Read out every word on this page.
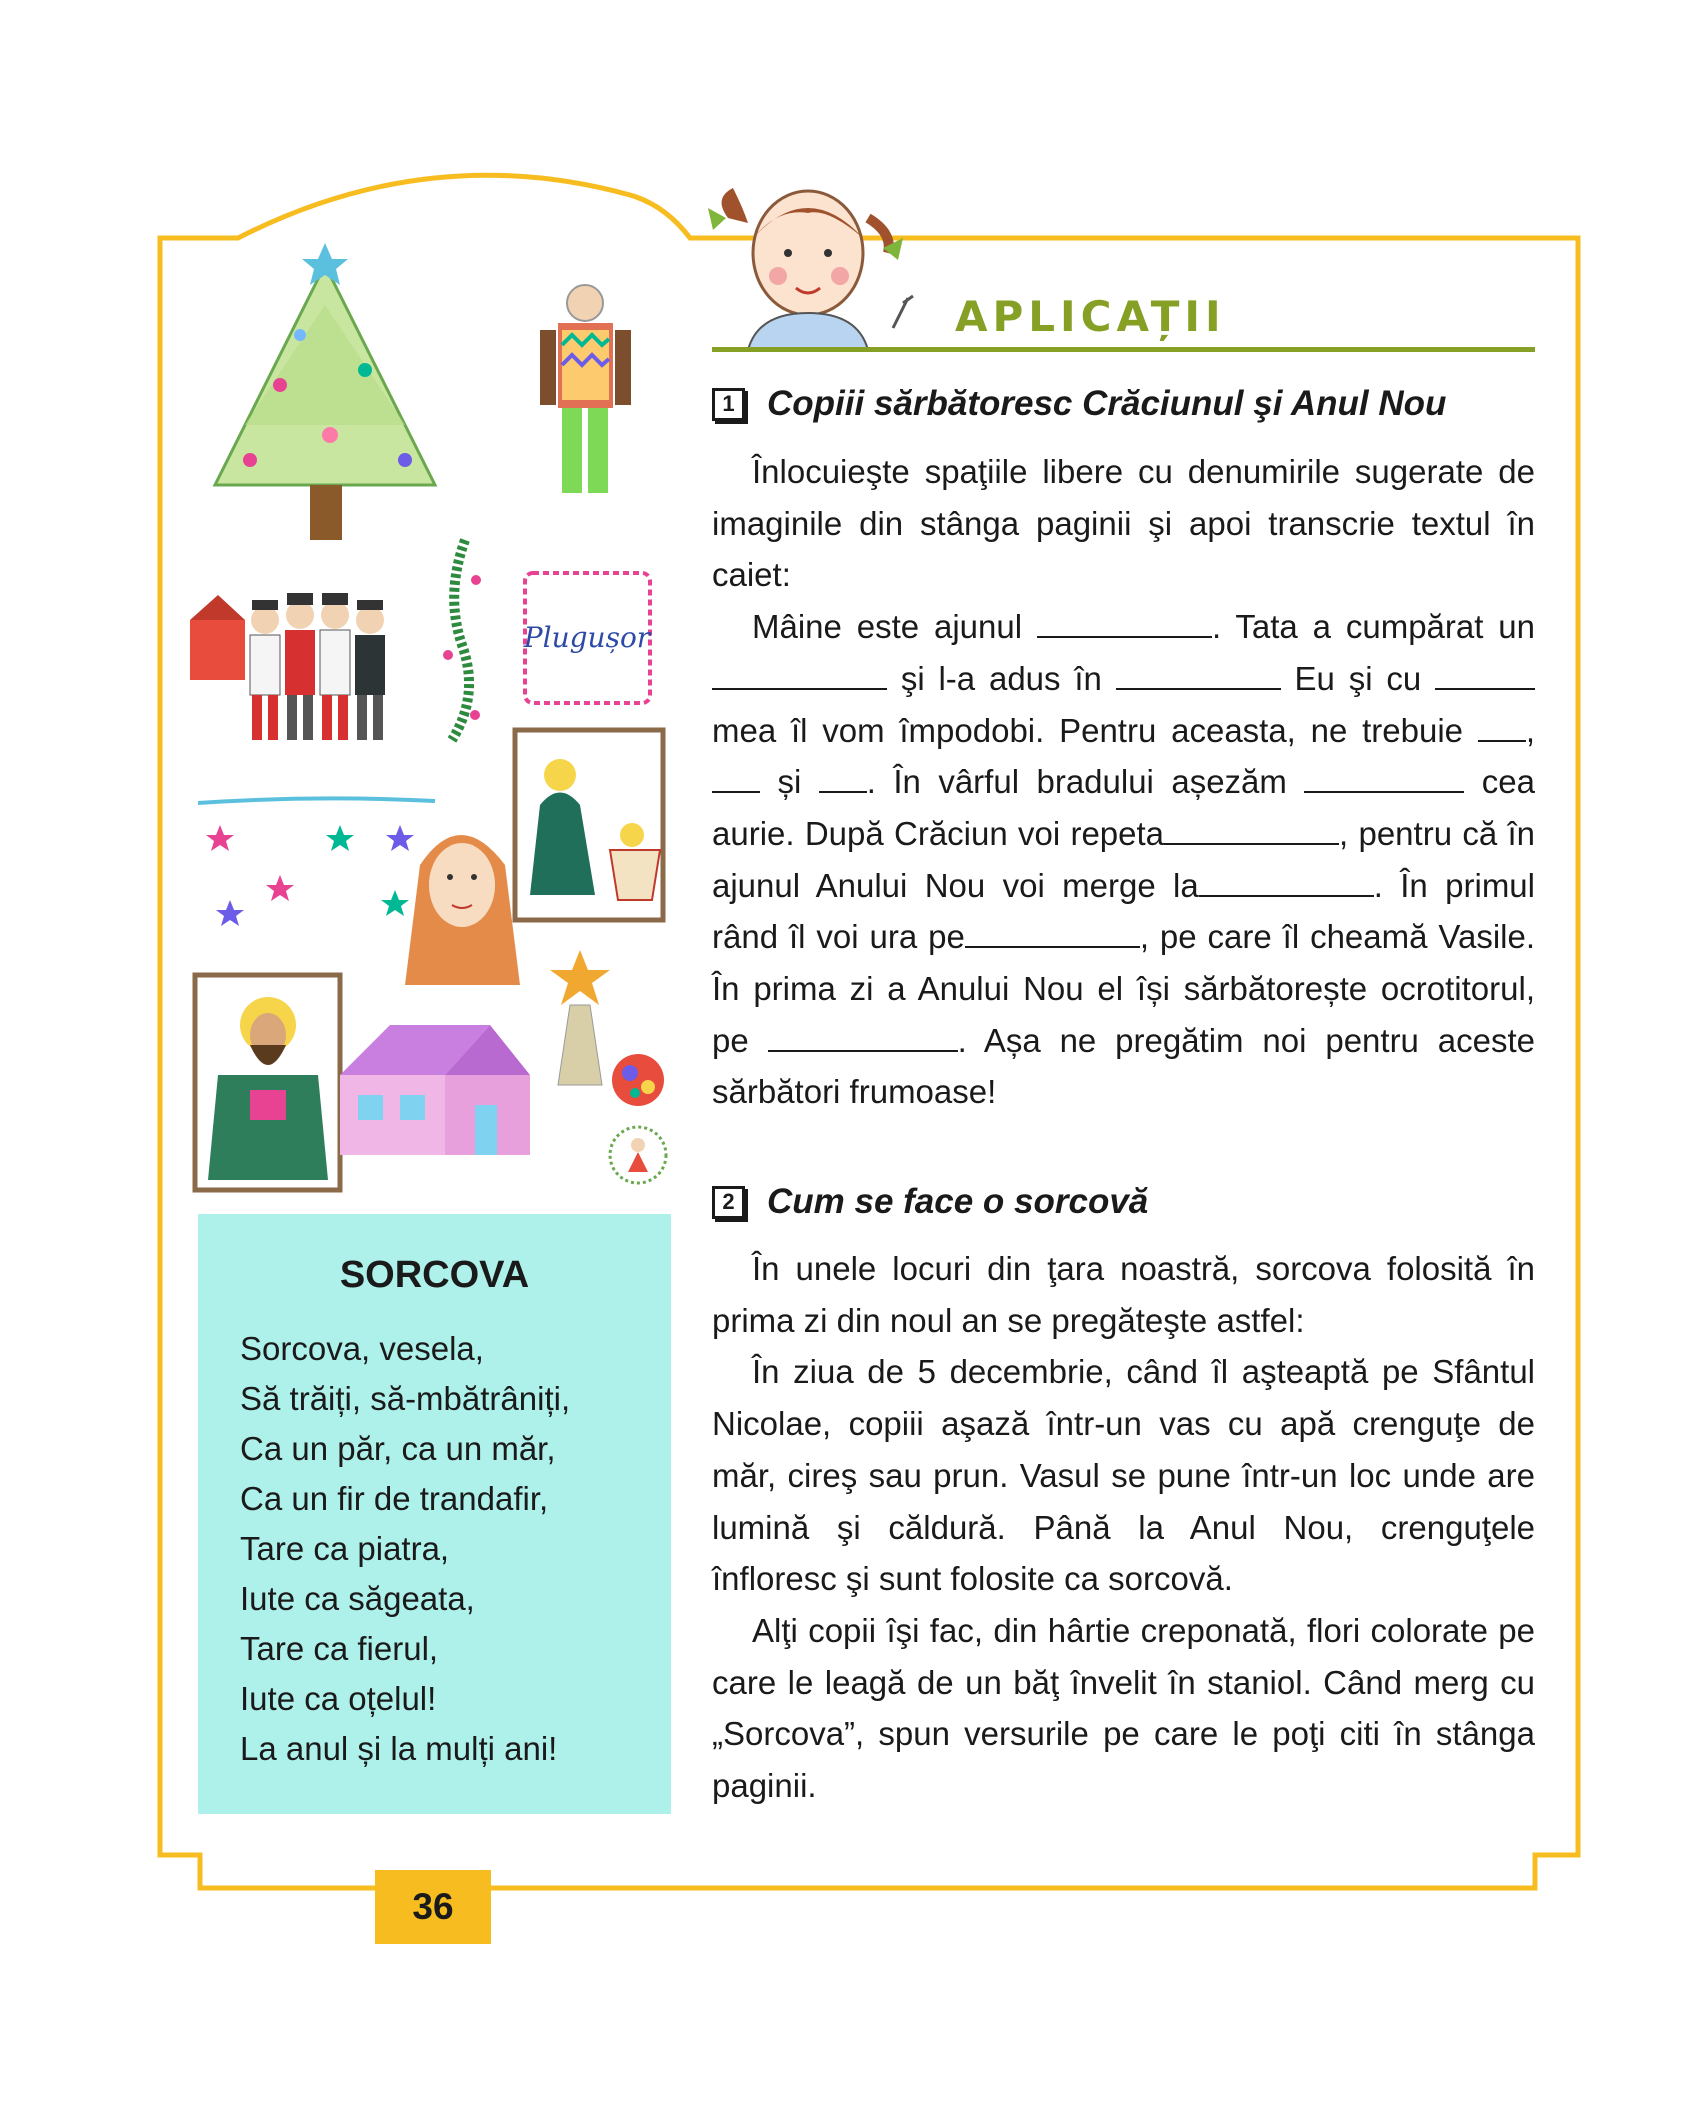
Plugușor
SORCOVA
Sorcova, vesela,
Să trăiți, să-mbătrâniți,
Ca un păr, ca un măr,
Ca un fir de trandafir,
Tare ca piatra,
Iute ca săgeata,
Tare ca fierul,
Iute ca oțelul!
La anul și la mulți ani!
APLICAȚII
1 Copiii sărbătoresc Crăciunul şi Anul Nou

Înlocuieşte spaţiile libere cu denumirile sugerate de imaginile din stânga paginii şi apoi transcrie textul în caiet:

Mâine este ajunul	. Tata a cumpărat un  şi l-a adus în	Eu şi cu  mea îl vom împodobi. Pentru aceasta, ne trebuie , și . În vârful bradului așezăm	cea aurie. După Crăciun voi repeta	, pentru că în ajunul Anului Nou voi merge la	. În primul rând îl voi ura pe	, pe care îl cheamă Vasile. În prima zi a Anului Nou el își sărbătorește ocrotitorul, pe	. Așa ne pregătim noi pentru aceste sărbători frumoase!

2 Cum se face o sorcovă

În unele locuri din ţara noastră, sorcova folosită în prima zi din noul an se pregăteşte astfel:

În ziua de 5 decembrie, când îl aşteaptă pe Sfântul Nicolae, copiii aşază într-un vas cu apă crenguţe de măr, cireş sau prun. Vasul se pune într-un loc unde are lumină şi căldură. Până la Anul Nou, crenguţele înfloresc şi sunt folosite ca sorcovă.

Alţi copii îşi fac, din hârtie creponată, flori colorate pe care le leagă de un băţ învelit în staniol. Când merg cu „Sorcova”, spun versurile pe care le poţi citi în stânga paginii.

36
